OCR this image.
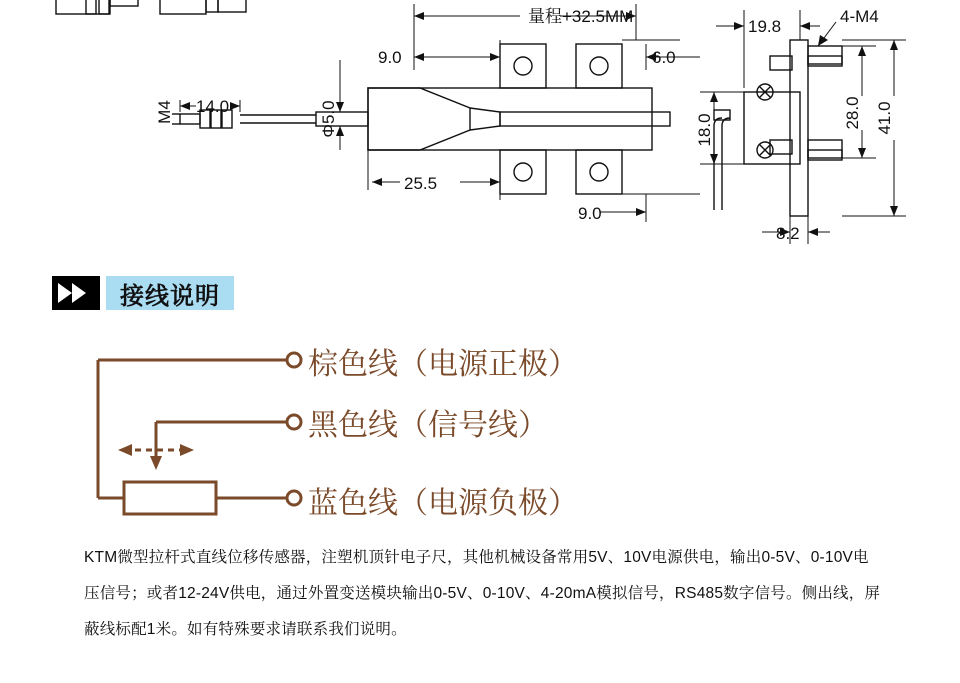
量程+32.5MM
9.0	6.0
25.5
9.0
Φ5.0
14.0
M4
19.8
4-M4
18.0
28.0 41.0
8.2
接线说明
棕色线（电源正极）
黑色线（信号线）
蓝色线（电源负极）

KTM微型拉杆式直线位移传感器，注塑机顶针电子尺，其他机械设备常用5V、10V电源供电，输出0-5V、0-10V电压信号；或者12-24V供电，通过外置变送模块输出0-5V、0-10V、4-20mA模拟信号，RS485数字信号。侧出线，屏蔽线标配1米。如有特殊要求请联系我们说明。
